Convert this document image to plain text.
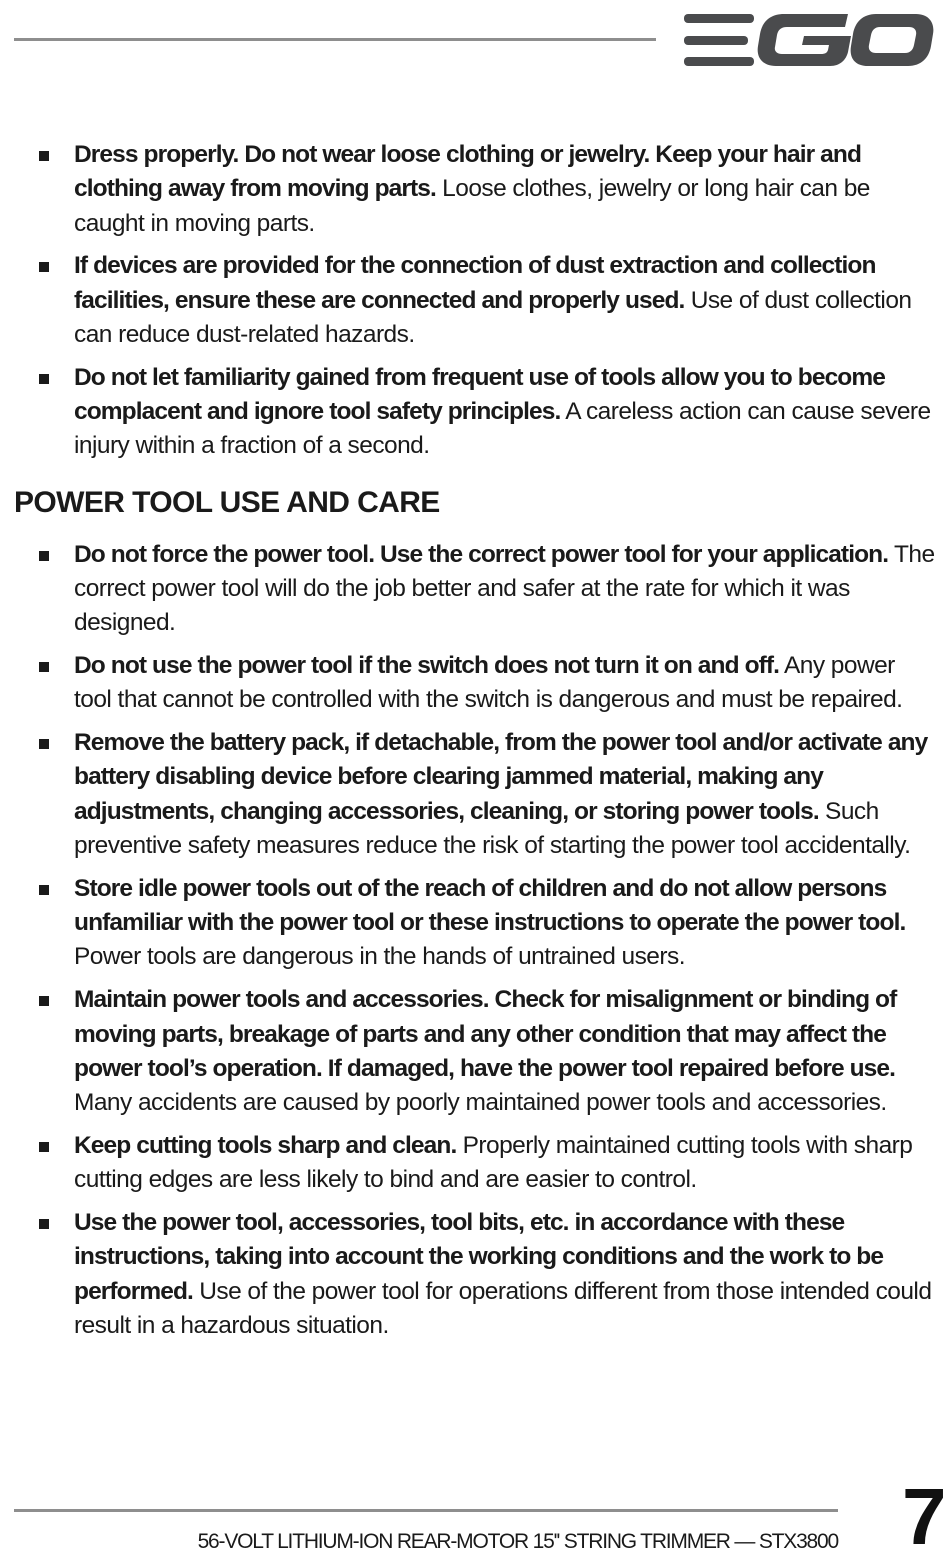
Dress properly. Do not wear loose clothing or jewelry. Keep your hair and clothing away from moving parts. Loose clothes, jewelry or long hair can be caught in moving parts.
If devices are provided for the connection of dust extraction and collection facilities, ensure these are connected and properly used. Use of dust collection can reduce dust-related hazards.
Do not let familiarity gained from frequent use of tools allow you to become complacent and ignore tool safety principles. A careless action can cause severe injury within a fraction of a second.
POWER TOOL USE AND CARE
Do not force the power tool. Use the correct power tool for your application. The correct power tool will do the job better and safer at the rate for which it was designed.
Do not use the power tool if the switch does not turn it on and off. Any power tool that cannot be controlled with the switch is dangerous and must be repaired.
Remove the battery pack, if detachable, from the power tool and/or activate any battery disabling device before clearing jammed material, making any adjustments, changing accessories, cleaning, or storing power tools. Such preventive safety measures reduce the risk of starting the power tool accidentally.
Store idle power tools out of the reach of children and do not allow persons unfamiliar with the power tool or these instructions to operate the power tool. Power tools are dangerous in the hands of untrained users.
Maintain power tools and accessories. Check for misalignment or binding of moving parts, breakage of parts and any other condition that may affect the power tool’s operation. If damaged, have the power tool repaired before use. Many accidents are caused by poorly maintained power tools and accessories.
Keep cutting tools sharp and clean. Properly maintained cutting tools with sharp cutting edges are less likely to bind and are easier to control.
Use the power tool, accessories, tool bits, etc. in accordance with these instructions, taking into account the working conditions and the work to be performed. Use of the power tool for operations different from those intended could result in a hazardous situation.
56-VOLT LITHIUM-ION REAR-MOTOR 15'' STRING TRIMMER — STX3800 7
